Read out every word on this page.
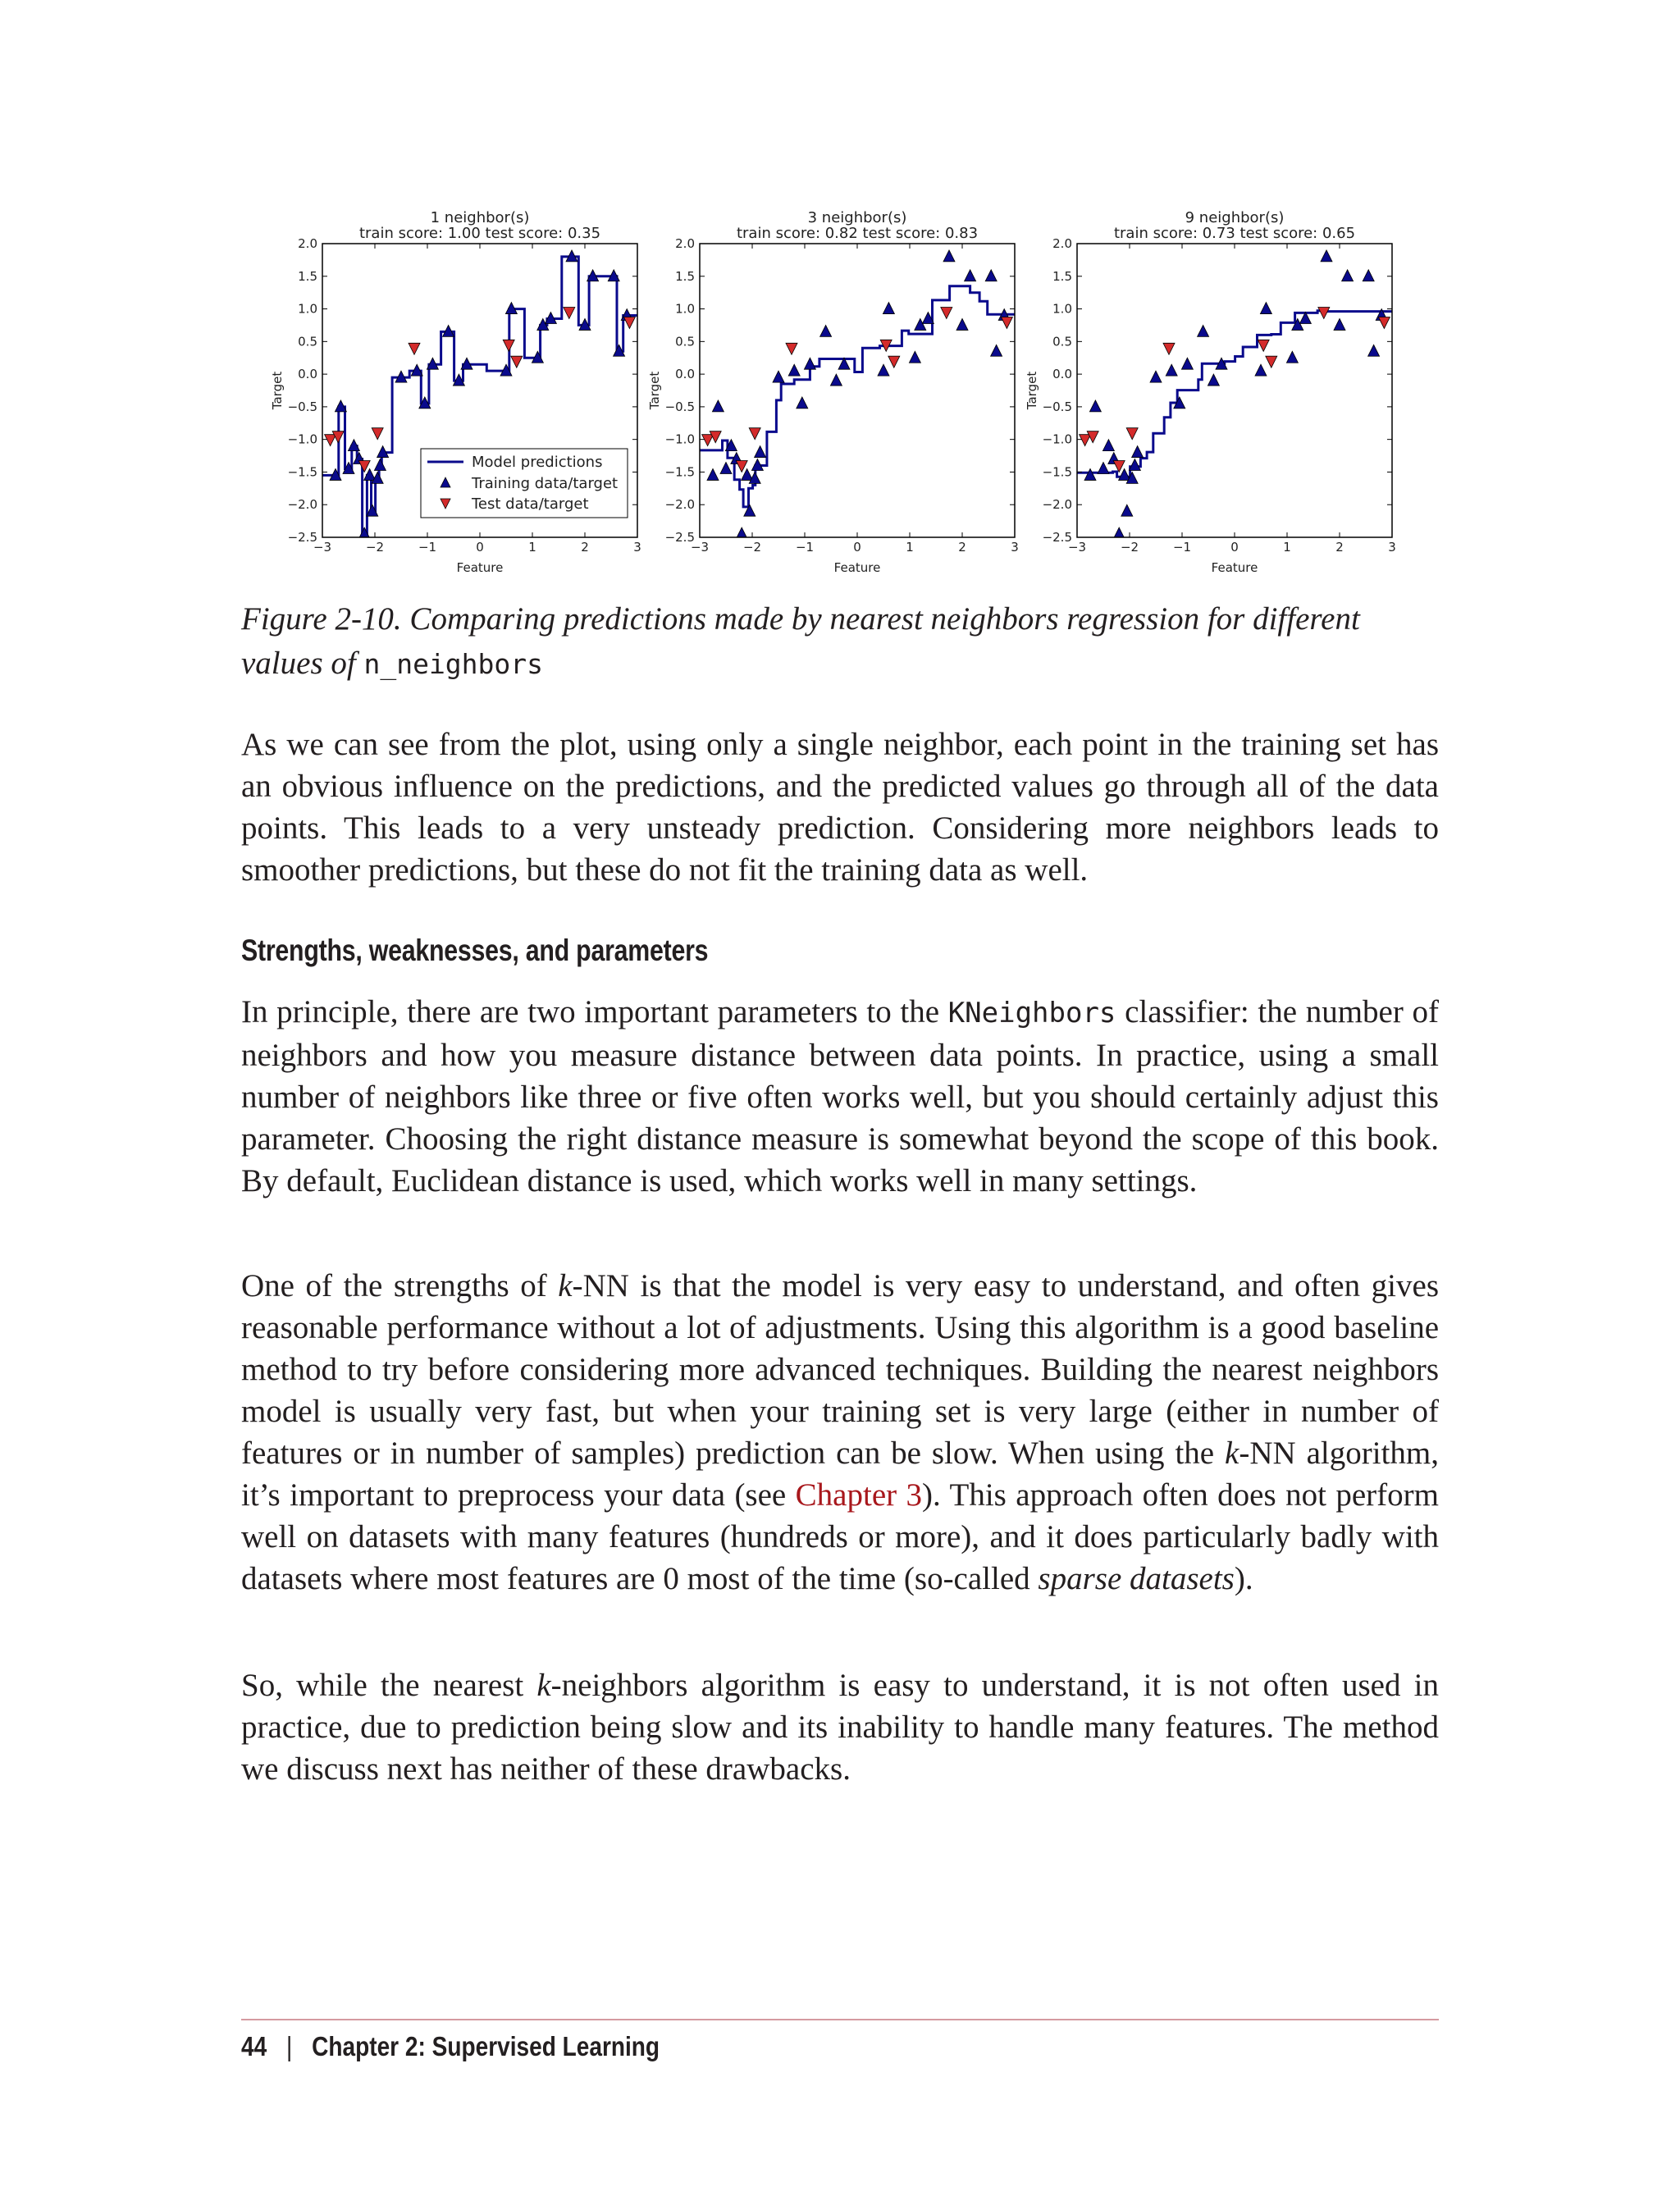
1 neighbor(s)
train score: 1.00 test score: 0.35
2.0
1.5
1.0
0.5
0.0
−0.5
−1.0
−1.5
−2.0
−2.5
−3	−2	−1	0	1	2	3
Feature
Target
Model predictions
Training data/target
Test data/target
3 neighbor(s)
train score: 0.82 test score: 0.83
2.0
1.5
1.0
0.5
0.0
−0.5
−1.0
−1.5
−2.0
−2.5
−3	−2	−1	0	1	2	3
Feature
Target
9 neighbor(s)
train score: 0.73 test score: 0.65
2.0
1.5
1.0
0.5
0.0
−0.5
−1.0
−1.5
−2.0
−2.5
−3	−2	−1	0	1	2	3
Feature
Target

Figure 2-10. Comparing predictions made by nearest neighbors regression for different values of n_neighbors

As we can see from the plot, using only a single neighbor, each point in the training set has an obvious influence on the predictions, and the predicted values go through all of the data points. This leads to a very unsteady prediction. Considering more neighbors leads to smoother predictions, but these do not fit the training data as well.

Strengths, weaknesses, and parameters

In principle, there are two important parameters to the KNeighbors classifier: the number of neighbors and how you measure distance between data points. In practice, using a small number of neighbors like three or five often works well, but you should certainly adjust this parameter. Choosing the right distance measure is somewhat beyond the scope of this book. By default, Euclidean distance is used, which works well in many settings.

One of the strengths of k-NN is that the model is very easy to understand, and often gives reasonable performance without a lot of adjustments. Using this algorithm is a good baseline method to try before considering more advanced techniques. Building the nearest neighbors model is usually very fast, but when your training set is very large (either in number of features or in number of samples) prediction can be slow. When using the k-NN algorithm, it’s important to preprocess your data (see Chapter 3). This approach often does not perform well on datasets with many features (hundreds or more), and it does particularly badly with datasets where most features are 0 most of the time (so-called sparse datasets).

So, while the nearest k-neighbors algorithm is easy to understand, it is not often used in practice, due to prediction being slow and its inability to handle many features. The method we discuss next has neither of these drawbacks.

44 | Chapter 2: Supervised Learning
